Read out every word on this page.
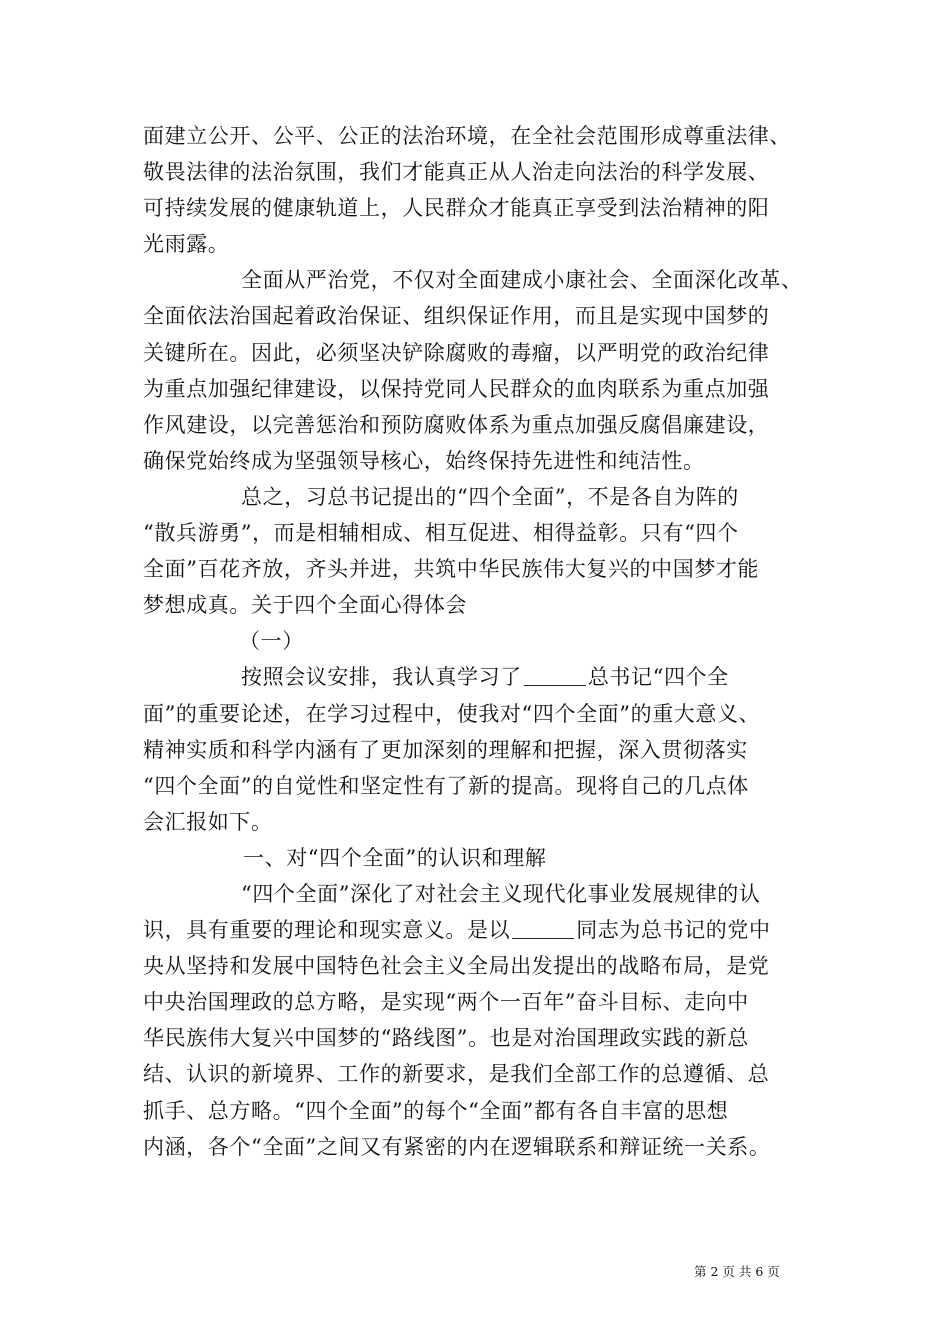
面建立公开、公平、公正的法治环境，在全社会范围形成尊重法律、
敬畏法律的法治氛围，我们才能真正从人治走向法治的科学发展、
可持续发展的健康轨道上，人民群众才能真正享受到法治精神的阳
光雨露。
全面从严治党，不仅对全面建成小康社会、全面深化改革、
全面依法治国起着政治保证、组织保证作用，而且是实现中国梦的
关键所在。因此，必须坚决铲除腐败的毒瘤，以严明党的政治纪律
为重点加强纪律建设，以保持党同人民群众的血肉联系为重点加强
作风建设，以完善惩治和预防腐败体系为重点加强反腐倡廉建设，
确保党始终成为坚强领导核心，始终保持先进性和纯洁性。
总之，习总书记提出的“四个全面”，不是各自为阵的
“散兵游勇”，而是相辅相成、相互促进、相得益彰。只有“四个
全面”百花齐放，齐头并进，共筑中华民族伟大复兴的中国梦才能
梦想成真。关于四个全面心得体会
（一）
按照会议安排，我认真学习了	总书记“四个全
面”的重要论述，在学习过程中，使我对“四个全面”的重大意义、
精神实质和科学内涵有了更加深刻的理解和把握，深入贯彻落实
“四个全面”的自觉性和坚定性有了新的提高。现将自己的几点体
会汇报如下。
一、对“四个全面”的认识和理解
“四个全面”深化了对社会主义现代化事业发展规律的认
识，具有重要的理论和现实意义。是以	同志为总书记的党中
央从坚持和发展中国特色社会主义全局出发提出的战略布局，是党
中央治国理政的总方略，是实现“两个一百年”奋斗目标、走向中
华民族伟大复兴中国梦的“路线图”。也是对治国理政实践的新总
结、认识的新境界、工作的新要求，是我们全部工作的总遵循、总
抓手、总方略。“四个全面”的每个“全面”都有各自丰富的思想
内涵，各个“全面”之间又有紧密的内在逻辑联系和辩证统一关系。
第 2 页 共 6 页
